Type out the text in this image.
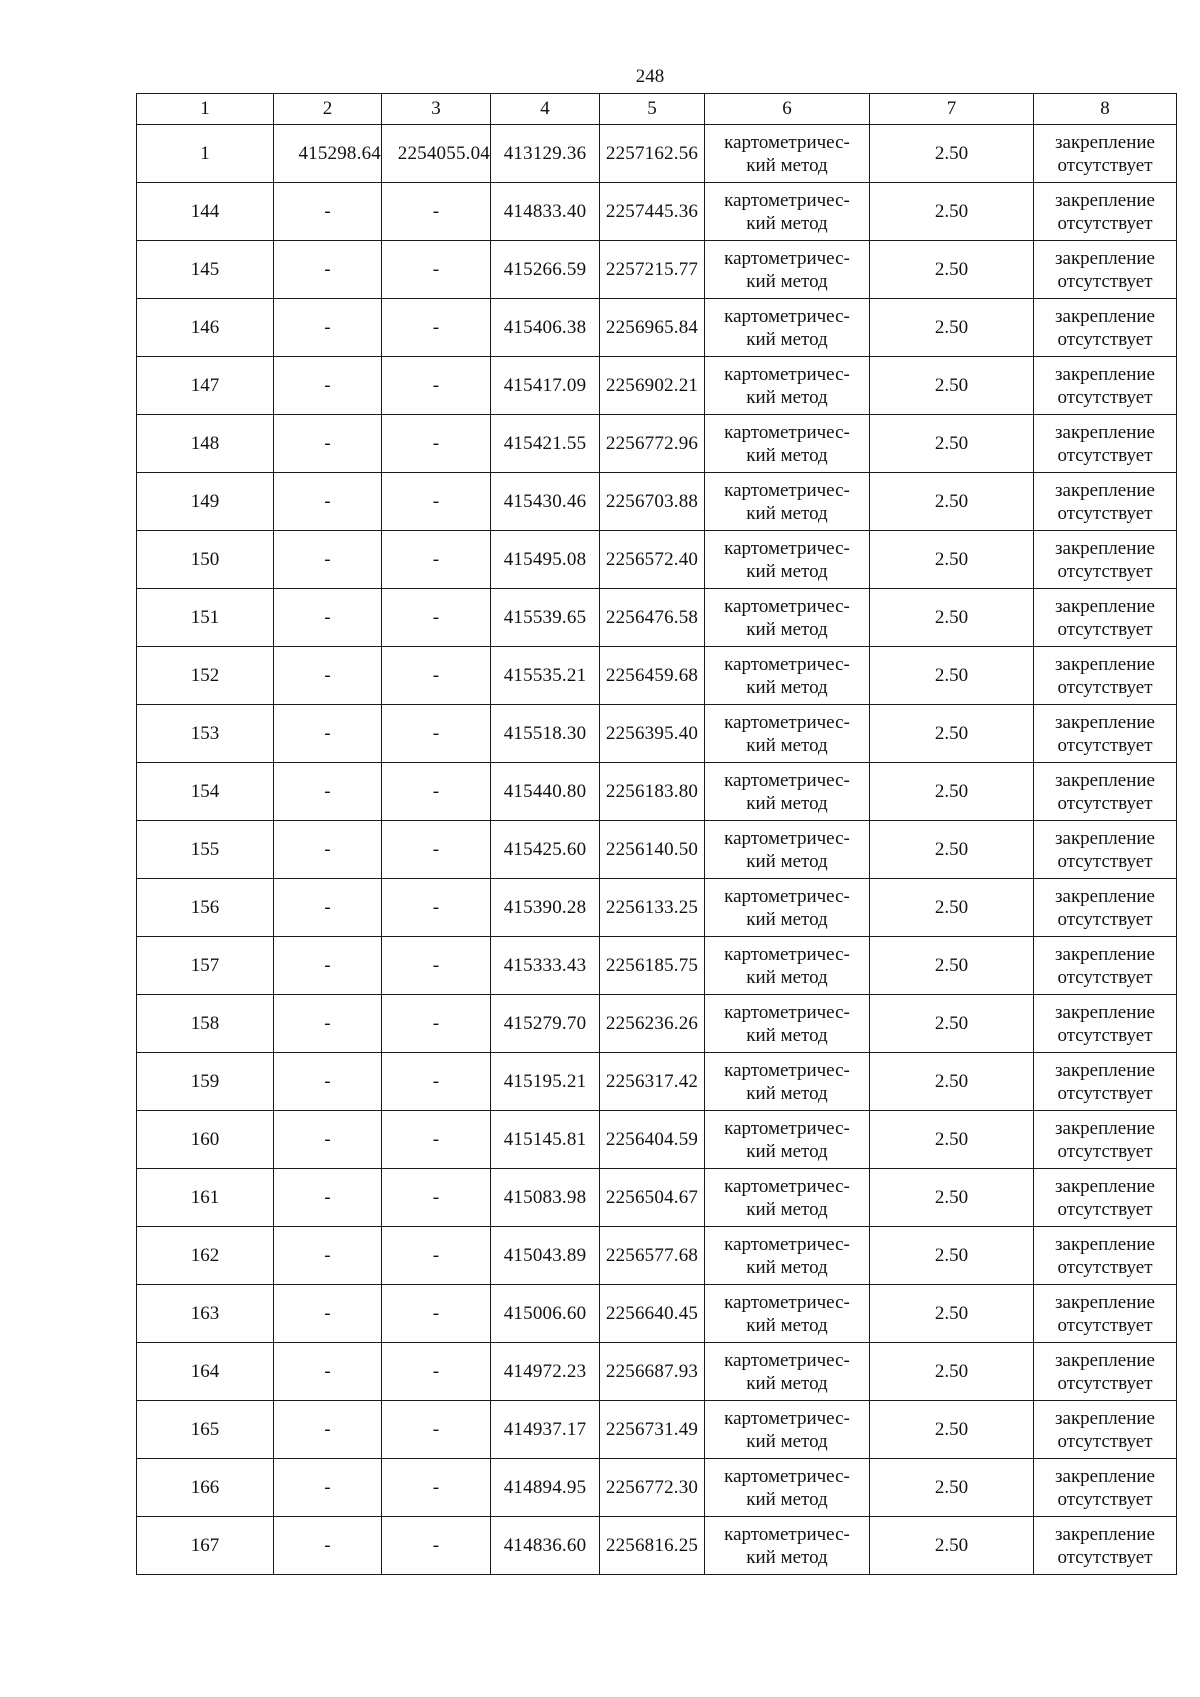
248
1	2	3	4	5	6	7	8
1	415298.64	2254055.04	413129.36	2257162.56	картометричес-
кий метод	2.50	закрепление
отсутствует

144	-	-	414833.40	2257445.36	картометричес-
кий метод	2.50	закрепление
отсутствует

145	-	-	415266.59	2257215.77	картометричес-
кий метод	2.50	закрепление
отсутствует

146	-	-	415406.38	2256965.84	картометричес-
кий метод	2.50	закрепление
отсутствует

147	-	-	415417.09	2256902.21	картометричес-
кий метод	2.50	закрепление
отсутствует

148	-	-	415421.55	2256772.96	картометричес-
кий метод	2.50	закрепление
отсутствует

149	-	-	415430.46	2256703.88	картометричес-
кий метод	2.50	закрепление
отсутствует

150	-	-	415495.08	2256572.40	картометричес-
кий метод	2.50	закрепление
отсутствует

151	-	-	415539.65	2256476.58	картометричес-
кий метод	2.50	закрепление
отсутствует

152	-	-	415535.21	2256459.68	картометричес-
кий метод	2.50	закрепление
отсутствует

153	-	-	415518.30	2256395.40	картометричес-
кий метод	2.50	закрепление
отсутствует

154	-	-	415440.80	2256183.80	картометричес-
кий метод	2.50	закрепление
отсутствует

155	-	-	415425.60	2256140.50	картометричес-
кий метод	2.50	закрепление
отсутствует

156	-	-	415390.28	2256133.25	картометричес-
кий метод	2.50	закрепление
отсутствует

157	-	-	415333.43	2256185.75	картометричес-
кий метод	2.50	закрепление
отсутствует

158	-	-	415279.70	2256236.26	картометричес-
кий метод	2.50	закрепление
отсутствует

159	-	-	415195.21	2256317.42	картометричес-
кий метод	2.50	закрепление
отсутствует

160	-	-	415145.81	2256404.59	картометричес-
кий метод	2.50	закрепление
отсутствует

161	-	-	415083.98	2256504.67	картометричес-
кий метод	2.50	закрепление
отсутствует

162	-	-	415043.89	2256577.68	картометричес-
кий метод	2.50	закрепление
отсутствует

163	-	-	415006.60	2256640.45	картометричес-
кий метод	2.50	закрепление
отсутствует

164	-	-	414972.23	2256687.93	картометричес-
кий метод	2.50	закрепление
отсутствует

165	-	-	414937.17	2256731.49	картометричес-
кий метод	2.50	закрепление
отсутствует

166	-	-	414894.95	2256772.30	картометричес-
кий метод	2.50	закрепление
отсутствует

167	-	-	414836.60	2256816.25	картометричес-
кий метод	2.50	закрепление
отсутствует
